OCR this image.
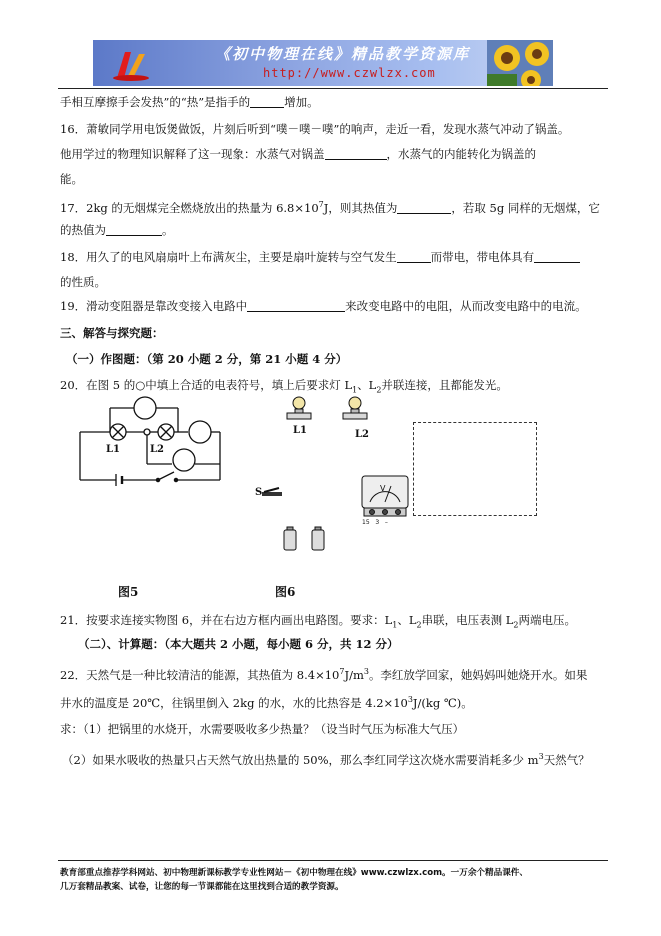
《初中物理在线》精品教学资源库
http://www.czwlzx.com
手相互摩擦手会发热”的“热”是指手的	增加。
16．萧敏同学用电饭煲做饭，片刻后听到“噗－噗－噗”的响声，走近一看，发现水蒸气冲动了锅盖。
他用学过的物理知识解释了这一现象：水蒸气对锅盖	，水蒸气的内能转化为锅盖的
能。
17．2kg 的无烟煤完全燃烧放出的热量为 $6.8\times 10^7J$，则其热值为	，若取 5g 同样的无烟煤，它
的热值为	。
18．用久了的电风扇扇叶上布满灰尘，主要是扇叶旋转与空气发生	而带电，带电体具有
的性质。
19．滑动变阻器是靠改变接入电路中	来改变电路中的电阻，从而改变电路中的电流。
三、解答与探究题：
（一）作图题：（第 20 小题 2 分，第 21 小题 4 分）
20．在图 5 的○中填上合适的电表符号，填上后要求灯 $L_1$、$L_2$并联连接，且都能发光。
L1	L2
L1	L2
S	V
15   3   –
图5	图6
21．按要求连接实物图 6，并在右边方框内画出电路图。要求：$L_1$、$L_2$串联，电压表测 $L_2$两端电压。
（二）、计算题：（本大题共 2 小题，每小题 6 分，共 12 分）
22．天然气是一种比较清洁的能源，其热值为 $8.4\times 10^7J/m^3$。李红放学回家，她妈妈叫她烧开水。如果
井水的温度是 20℃，往锅里倒入 2kg 的水，水的比热容是 $4.2\times 10^3J/(kg$ ℃)。
求：（1）把锅里的水烧开，水需要吸收多少热量？（设当时气压为标准大气压）
（2）如果水吸收的热量只占天然气放出热量的 50%，那么李红同学这次烧水需要消耗多少 $m^3$天然气？
教育部重点推荐学科网站、初中物理新课标教学专业性网站－《初中物理在线》www.czwlzx.com。一万余个精品课件、
几万套精品教案、试卷，让您的每一节课都能在这里找到合适的教学资源。
